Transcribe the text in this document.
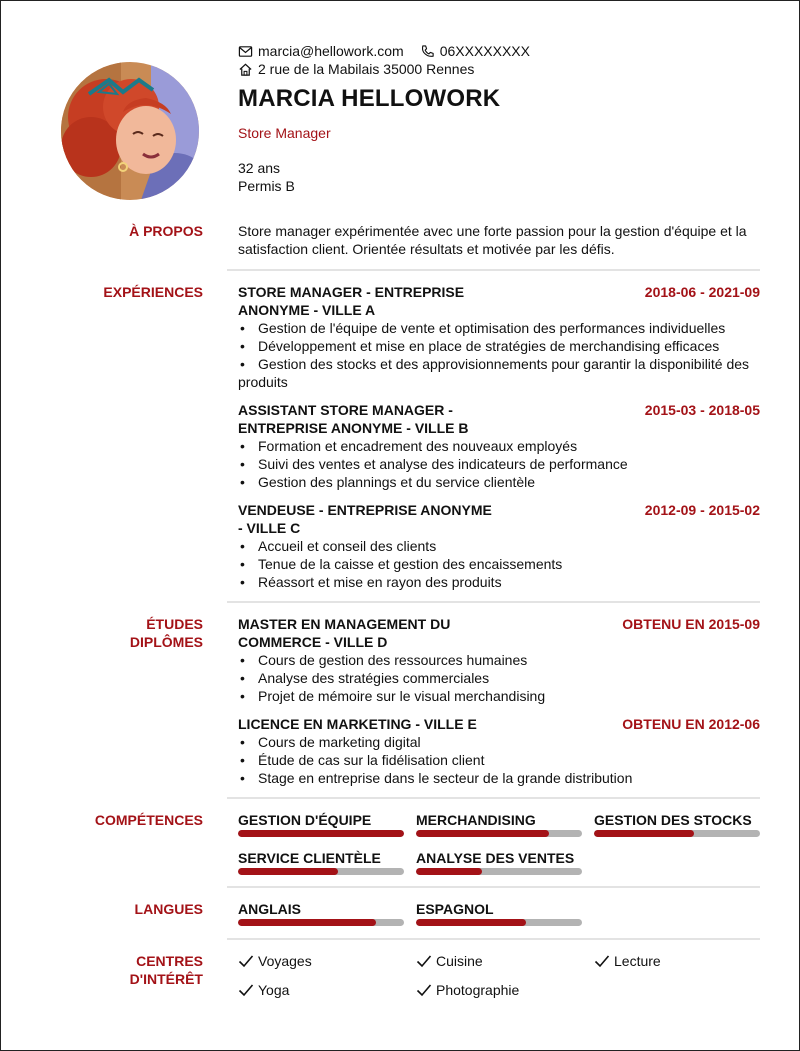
marcia@hellowork.com	06XXXXXXXX
2 rue de la Mabilais 35000 Rennes
MARCIA HELLOWORK
Store Manager
32 ans
Permis B
À PROPOS	Store manager expérimentée avec une forte passion pour la gestion d'équipe et la satisfaction client. Orientée résultats et motivée par les défis.
EXPÉRIENCES	STORE MANAGER - ENTREPRISE ANONYME - VILLE A
2018-06 - 2021-09
• Gestion de l'équipe de vente et optimisation des performances individuelles
• Développement et mise en place de stratégies de merchandising efficaces
• Gestion des stocks et des approvisionnements pour garantir la disponibilité des produits
ASSISTANT STORE MANAGER - ENTREPRISE ANONYME - VILLE B
2015-03 - 2018-05
• Formation et encadrement des nouveaux employés
• Suivi des ventes et analyse des indicateurs de performance
• Gestion des plannings et du service clientèle
VENDEUSE - ENTREPRISE ANONYME - VILLE C
2012-09 - 2015-02
• Accueil et conseil des clients
• Tenue de la caisse et gestion des encaissements
• Réassort et mise en rayon des produits
ÉTUDES
DIPLÔMES
MASTER EN MANAGEMENT DU COMMERCE - VILLE D
OBTENU EN 2015-09
• Cours de gestion des ressources humaines
• Analyse des stratégies commerciales
• Projet de mémoire sur le visual merchandising
LICENCE EN MARKETING - VILLE E	OBTENU EN 2012-06
• Cours de marketing digital
• Étude de cas sur la fidélisation client
• Stage en entreprise dans le secteur de la grande distribution
COMPÉTENCES	GESTION D'ÉQUIPE	MERCHANDISING	GESTION DES STOCKS
SERVICE CLIENTÈLE	ANALYSE DES VENTES
LANGUES	ANGLAIS	ESPAGNOL
CENTRES
D'INTÉRÊT
Voyages	Cuisine	Lecture
Yoga	Photographie
